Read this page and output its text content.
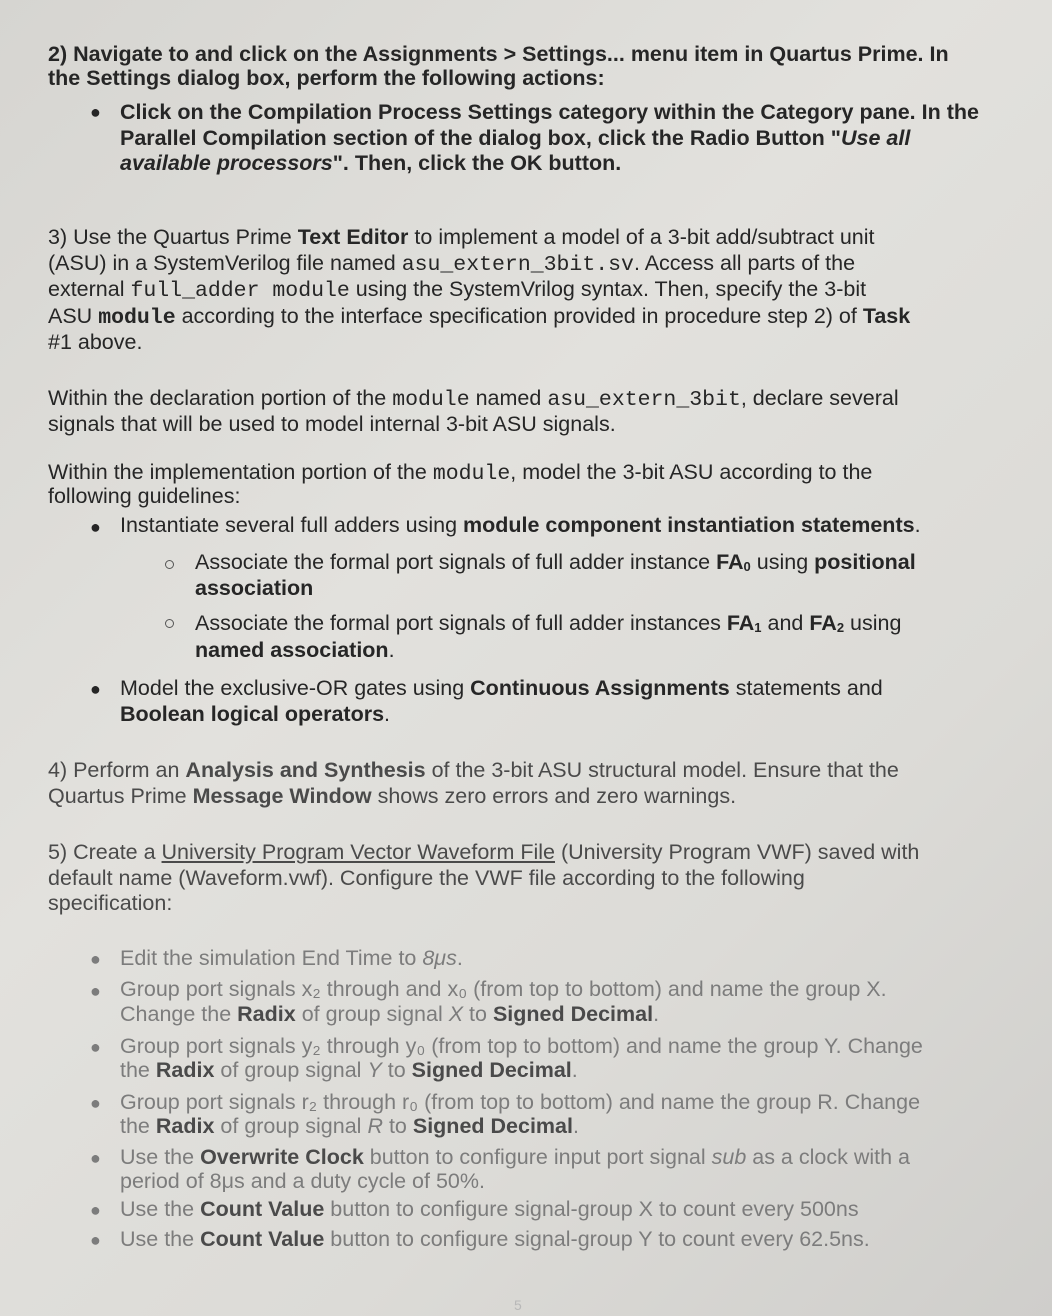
2) Navigate to and click on the Assignments > Settings... menu item in Quartus Prime. In

the Settings dialog box, perform the following actions:

● Click on the Compilation Process Settings category within the Category pane. In the

Parallel Compilation section of the dialog box, click the Radio Button "Use all

available processors". Then, click the OK button.

3) Use the Quartus Prime Text Editor to implement a model of a 3-bit add/subtract unit

(ASU) in a SystemVerilog file named asu_extern_3bit.sv. Access all parts of the

external full_adder module using the SystemVrilog syntax. Then, specify the 3-bit

ASU module according to the interface specification provided in procedure step 2) of Task

#1 above.

Within the declaration portion of the module named asu_extern_3bit, declare several

signals that will be used to model internal 3-bit ASU signals.

Within the implementation portion of the module, model the 3-bit ASU according to the

following guidelines:

● Instantiate several full adders using module component instantiation statements.

Associate the formal port signals of full adder instance FA0 using positional

association

Associate the formal port signals of full adder instances FA1 and FA2 using

named association.

● Model the exclusive-OR gates using Continuous Assignments statements and

Boolean logical operators.

4) Perform an Analysis and Synthesis of the 3-bit ASU structural model. Ensure that the

Quartus Prime Message Window shows zero errors and zero warnings.

5) Create a University Program Vector Waveform File (University Program VWF) saved with

default name (Waveform.vwf). Configure the VWF file according to the following

specification:

● Edit the simulation End Time to 8μs.

● Group port signals x₂ through and x₀ (from top to bottom) and name the group X.

Change the Radix of group signal X to Signed Decimal.

● Group port signals y₂ through y₀ (from top to bottom) and name the group Y. Change

the Radix of group signal Y to Signed Decimal.

● Group port signals r₂ through r₀ (from top to bottom) and name the group R. Change

the Radix of group signal R to Signed Decimal.

● Use the Overwrite Clock button to configure input port signal sub as a clock with a

period of 8μs and a duty cycle of 50%.

● Use the Count Value button to configure signal-group X to count every 500ns

● Use the Count Value button to configure signal-group Y to count every 62.5ns.

5
